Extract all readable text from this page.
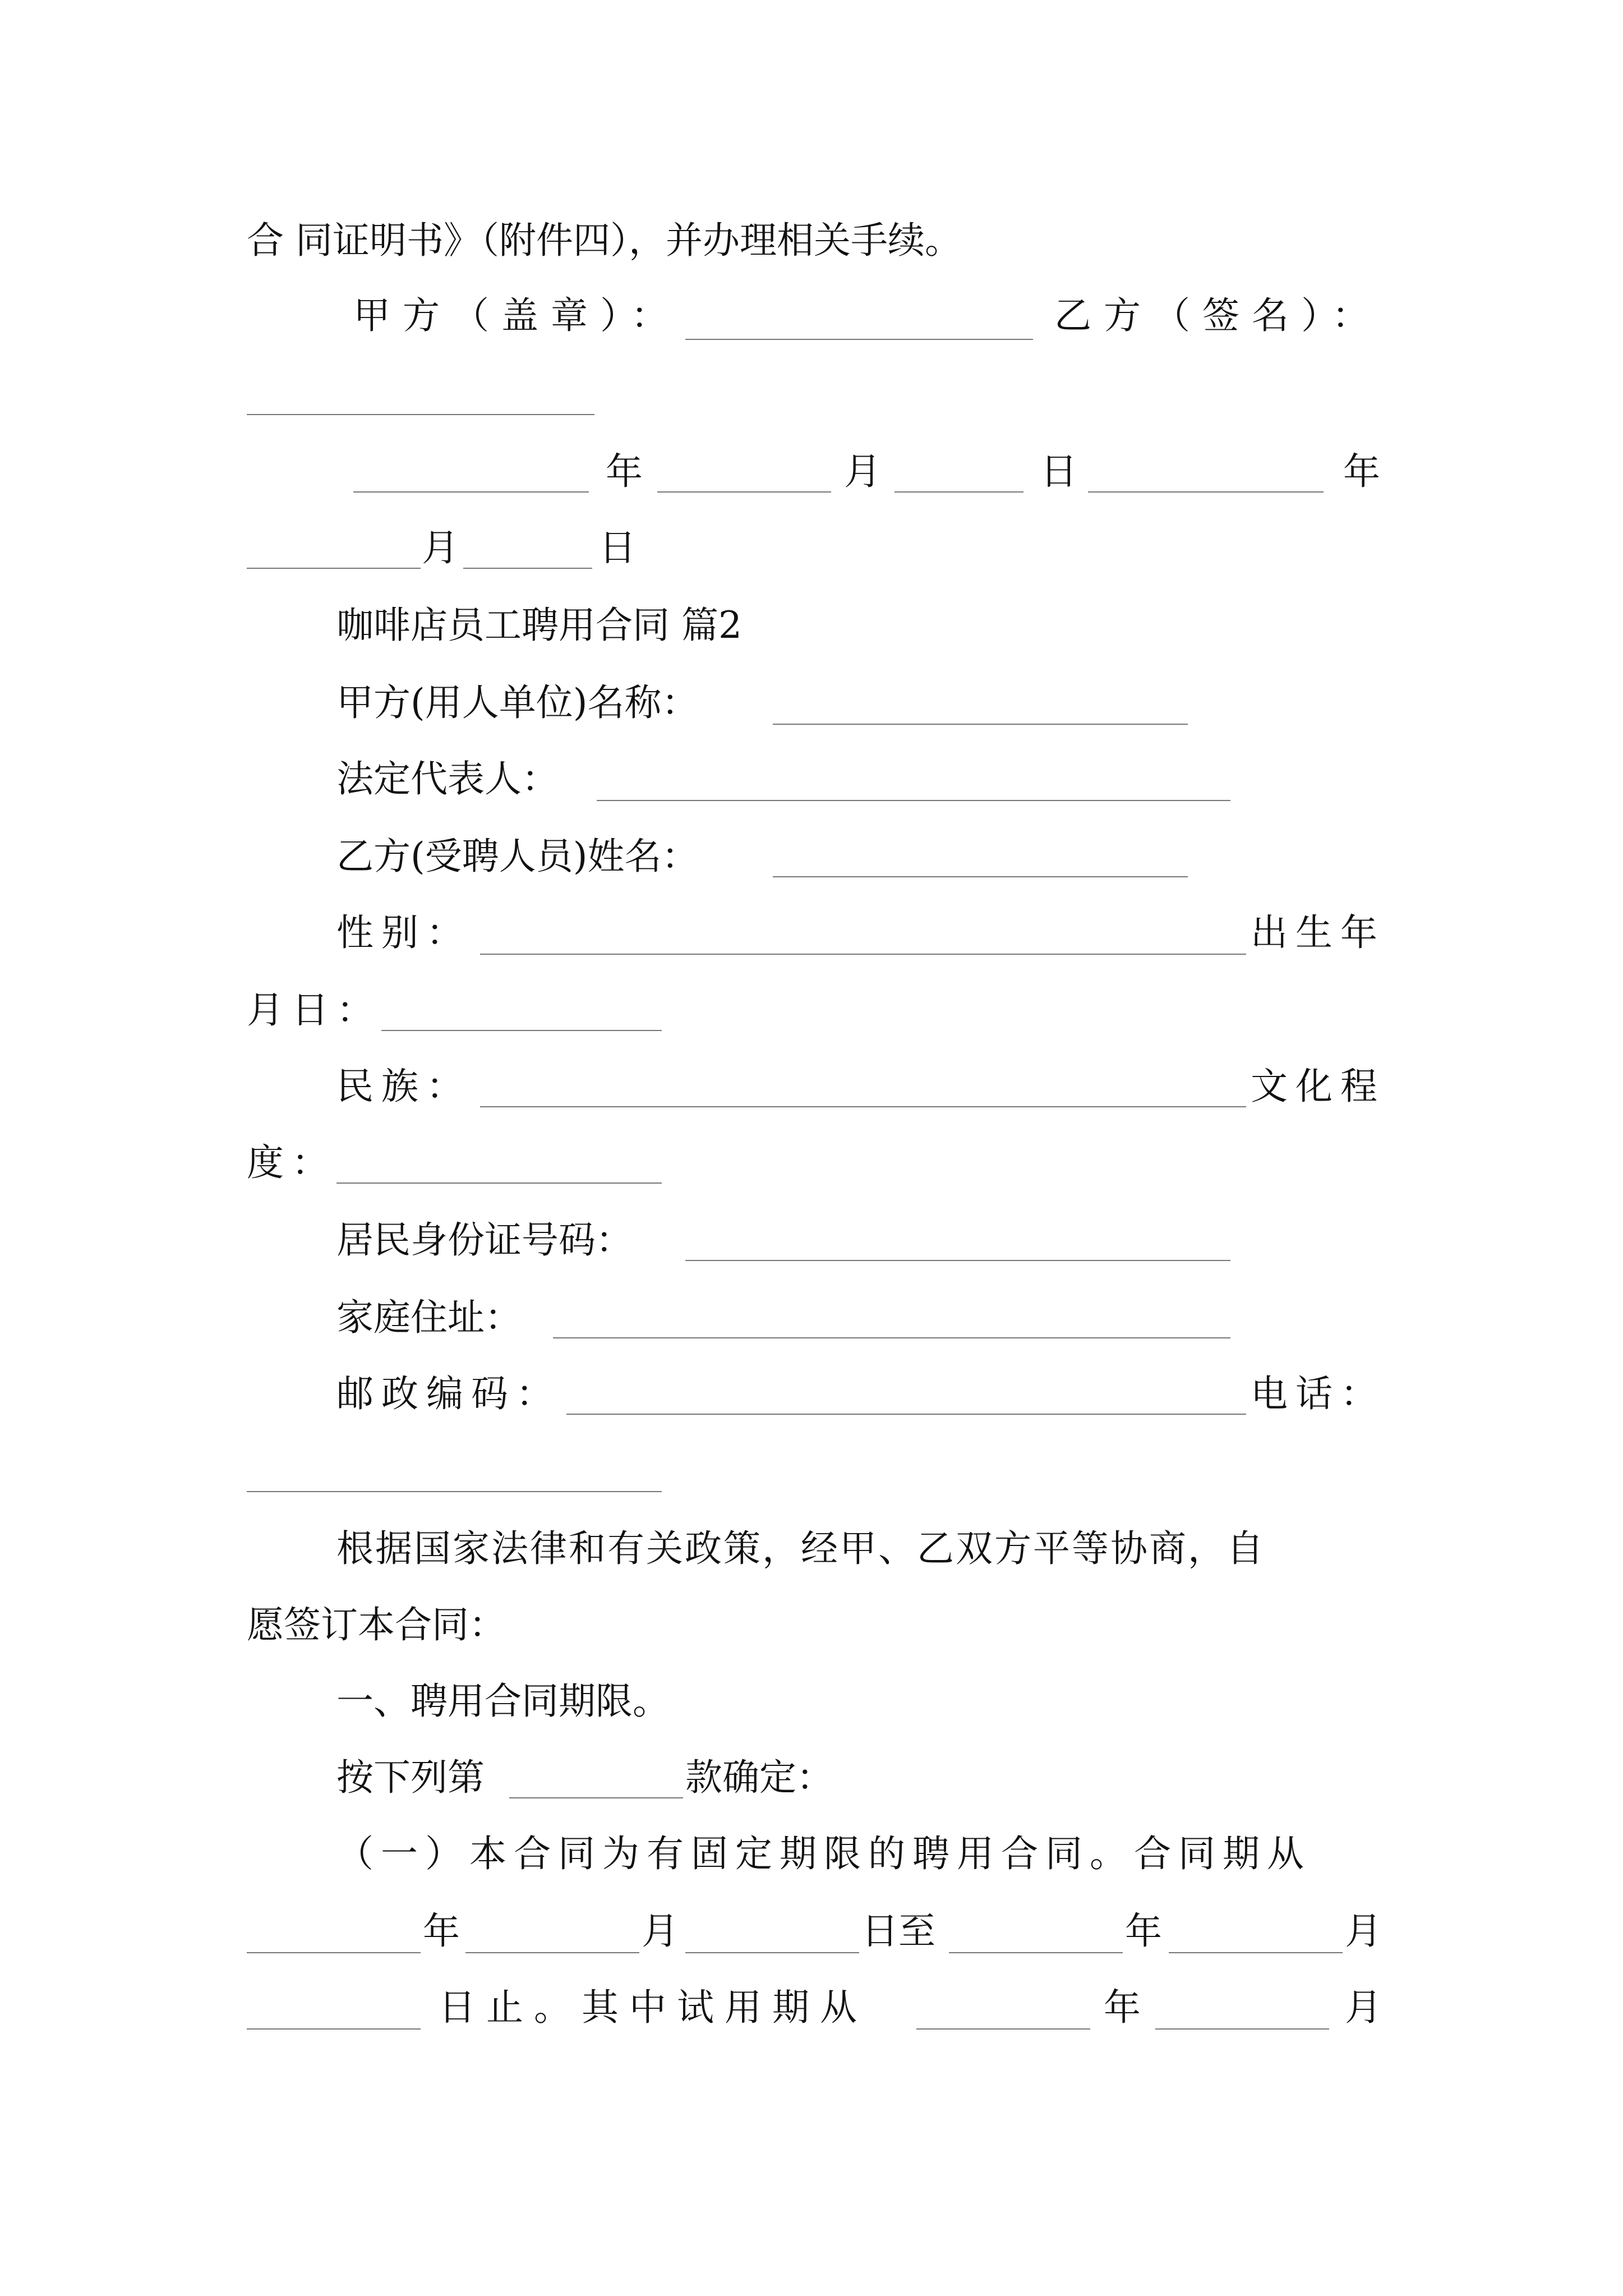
合 同证明书》（附件四），并办理相关手续。
甲方（盖章）：	乙方（签名）：
年	月	日	年
月	日
咖啡店员工聘用合同 篇2
甲方(用人单位)名称：
法定代表人：
乙方(受聘人员)姓名：
性别：	出生年
月日：
民族：	文化程
度：
居民身份证号码：
家庭住址：
邮政编码：	电话：
根据国家法律和有关政策，经甲、乙双方平等协商，自
愿签订本合同：
一、聘用合同期限。
按下列第	款确定：
（一）本合同为有固定期限的聘用合同。合同期从
年	月	日至	年	月
日止。其中试用期从	年	月
